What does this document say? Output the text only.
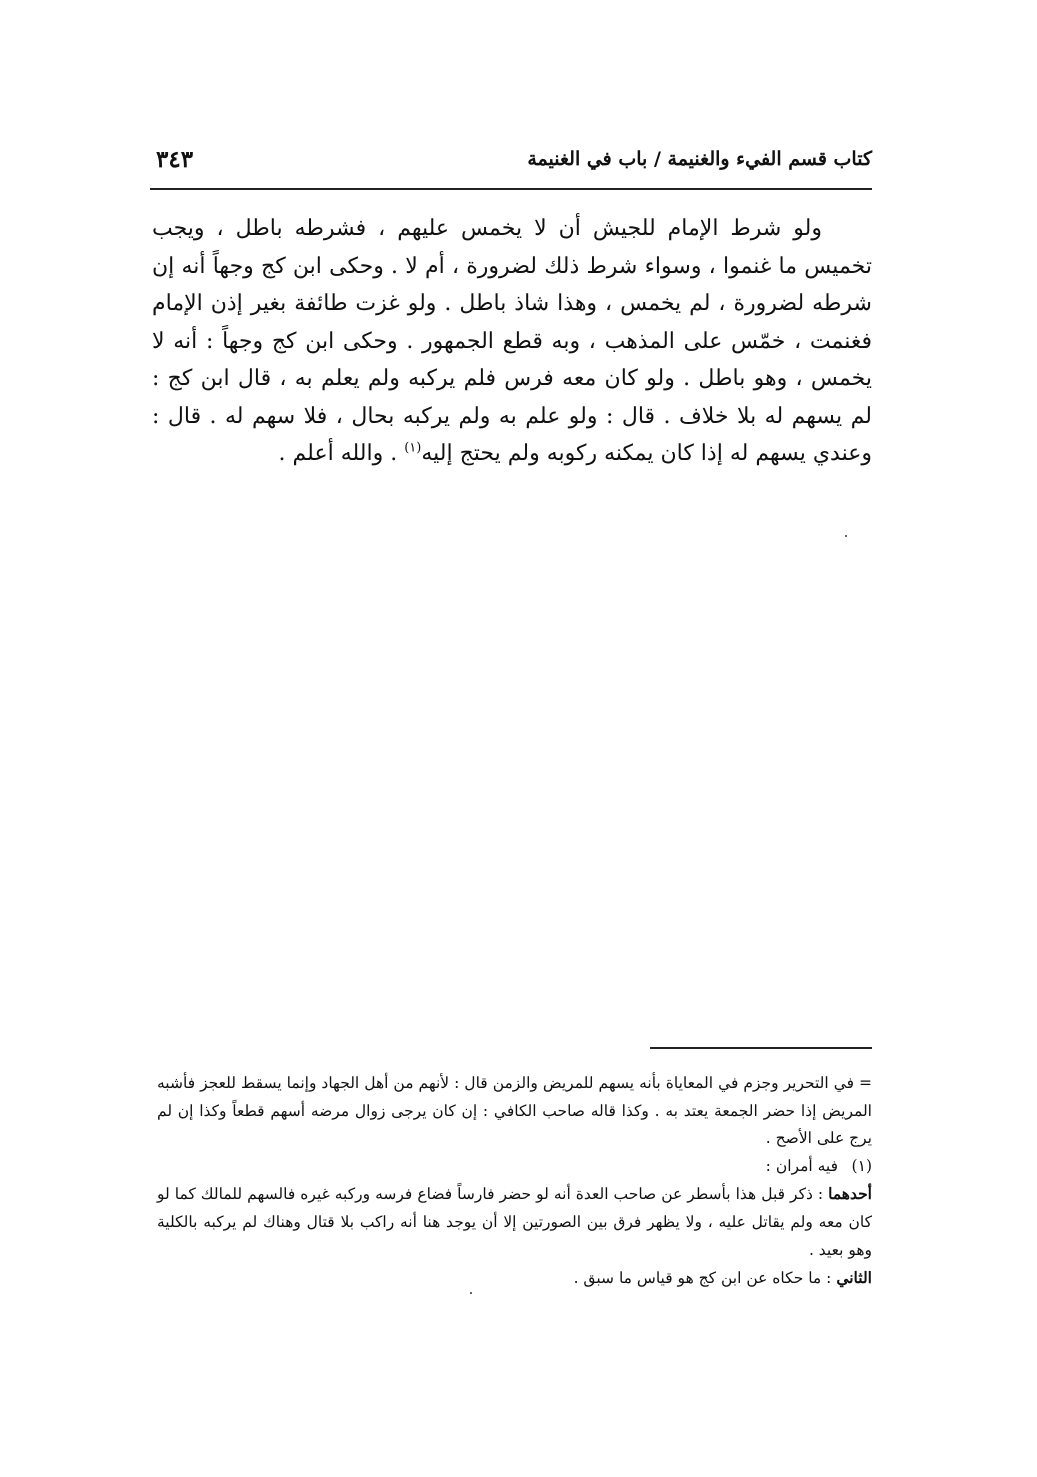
كتاب قسم الفيء والغنيمة / باب في الغنيمة
٣٤٣

ولو شرط الإمام للجيش أن لا يخمس عليهم ، فشرطه باطل ، ويجب تخميس ما غنموا ، وسواء شرط ذلك لضرورة ، أم لا . وحكى ابن كج وجهاً أنه إن شرطه لضرورة ، لم يخمس ، وهذا شاذ باطل . ولو غزت طائفة بغير إذن الإمام فغنمت ، خمّس على المذهب ، وبه قطع الجمهور . وحكى ابن كج وجهاً : أنه لا يخمس ، وهو باطل . ولو كان معه فرس فلم يركبه ولم يعلم به ، قال ابن كج : لم يسهم له بلا خلاف . قال : ولو علم به ولم يركبه بحال ، فلا سهم له . قال : وعندي يسهم له إذا كان يمكنه ركوبه ولم يحتج إليه$^{(١)}$ . والله أعلم .

= في التحرير وجزم في المعاياة بأنه يسهم للمريض والزمن قال : لأنهم من أهل الجهاد وإنما يسقط للعجز فأشبه المريض إذا حضر الجمعة يعتد به . وكذا قاله صاحب الكافي : إن كان يرجى زوال مرضه أسهم قطعاً وكذا إن لم يرج على الأصح .

(١)فيه أمران :

أحدهما : ذكر قبل هذا بأسطر عن صاحب العدة أنه لو حضر فارساً فضاع فرسه وركبه غيره فالسهم للمالك كما لو كان معه ولم يقاتل عليه ، ولا يظهر فرق بين الصورتين إلا أن يوجد هنا أنه راكب بلا قتال وهناك لم يركبه بالكلية وهو بعيد .

الثاني : ما حكاه عن ابن كج هو قياس ما سبق .
